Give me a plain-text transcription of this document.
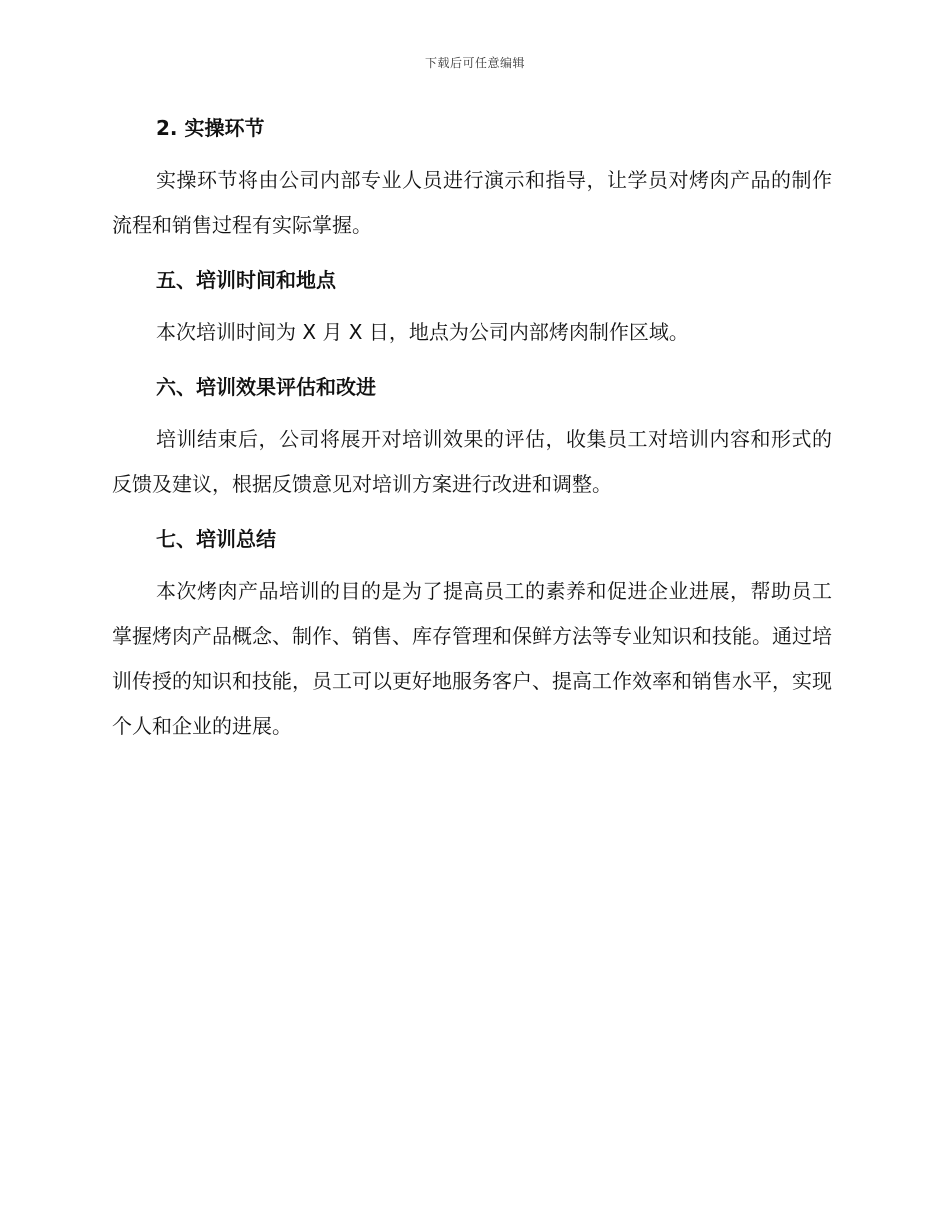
下载后可任意编辑
2. 实操环节

实操环节将由公司内部专业人员进行演示和指导，让学员对烤肉产品的制作流程和销售过程有实际掌握。

五、培训时间和地点

本次培训时间为 X 月 X 日，地点为公司内部烤肉制作区域。

六、培训效果评估和改进

培训结束后，公司将展开对培训效果的评估，收集员工对培训内容和形式的反馈及建议，根据反馈意见对培训方案进行改进和调整。

七、培训总结

本次烤肉产品培训的目的是为了提高员工的素养和促进企业进展，帮助员工掌握烤肉产品概念、制作、销售、库存管理和保鲜方法等专业知识和技能。通过培训传授的知识和技能，员工可以更好地服务客户、提高工作效率和销售水平，实现个人和企业的进展。
